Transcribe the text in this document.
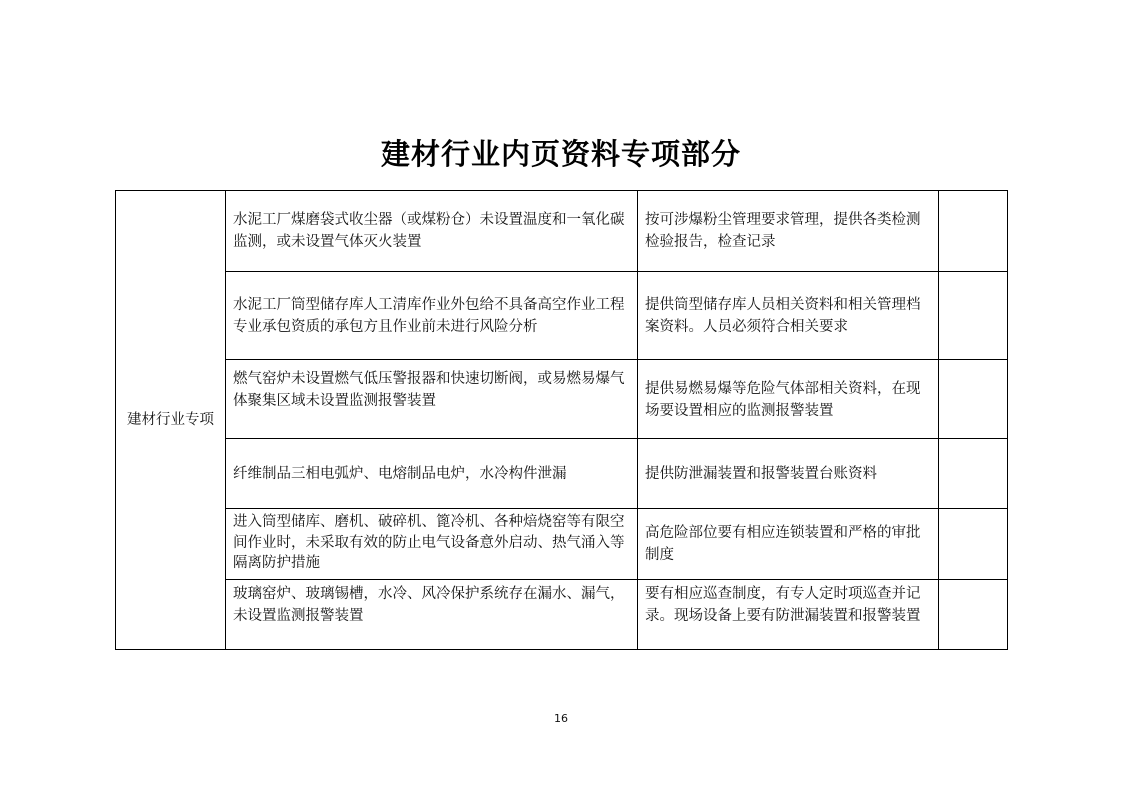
建材行业内页资料专项部分
建材行业专项	水泥工厂煤磨袋式收尘器（或煤粉仓）未设置温度和一氧化碳监测，或未设置气体灭火装置	按可涉爆粉尘管理要求管理，提供各类检测检验报告，检查记录	
	水泥工厂筒型储存库人工清库作业外包给不具备高空作业工程专业承包资质的承包方且作业前未进行风险分析	提供筒型储存库人员相关资料和相关管理档案资料。人员必须符合相关要求	
	燃气窑炉未设置燃气低压警报器和快速切断阀，或易燃易爆气体聚集区域未设置监测报警装置	提供易燃易爆等危险气体部相关资料，在现场要设置相应的监测报警装置	
	纤维制品三相电弧炉、电熔制品电炉，水冷构件泄漏	提供防泄漏装置和报警装置台账资料	
	进入筒型储库、磨机、破碎机、篦冷机、各种焙烧窑等有限空间作业时，未采取有效的防止电气设备意外启动、热气涌入等隔离防护措施	高危险部位要有相应连锁装置和严格的审批制度	
	玻璃窑炉、玻璃锡槽，水冷、风冷保护系统存在漏水、漏气，未设置监测报警装置	要有相应巡查制度，有专人定时项巡查并记录。现场设备上要有防泄漏装置和报警装置	
16
